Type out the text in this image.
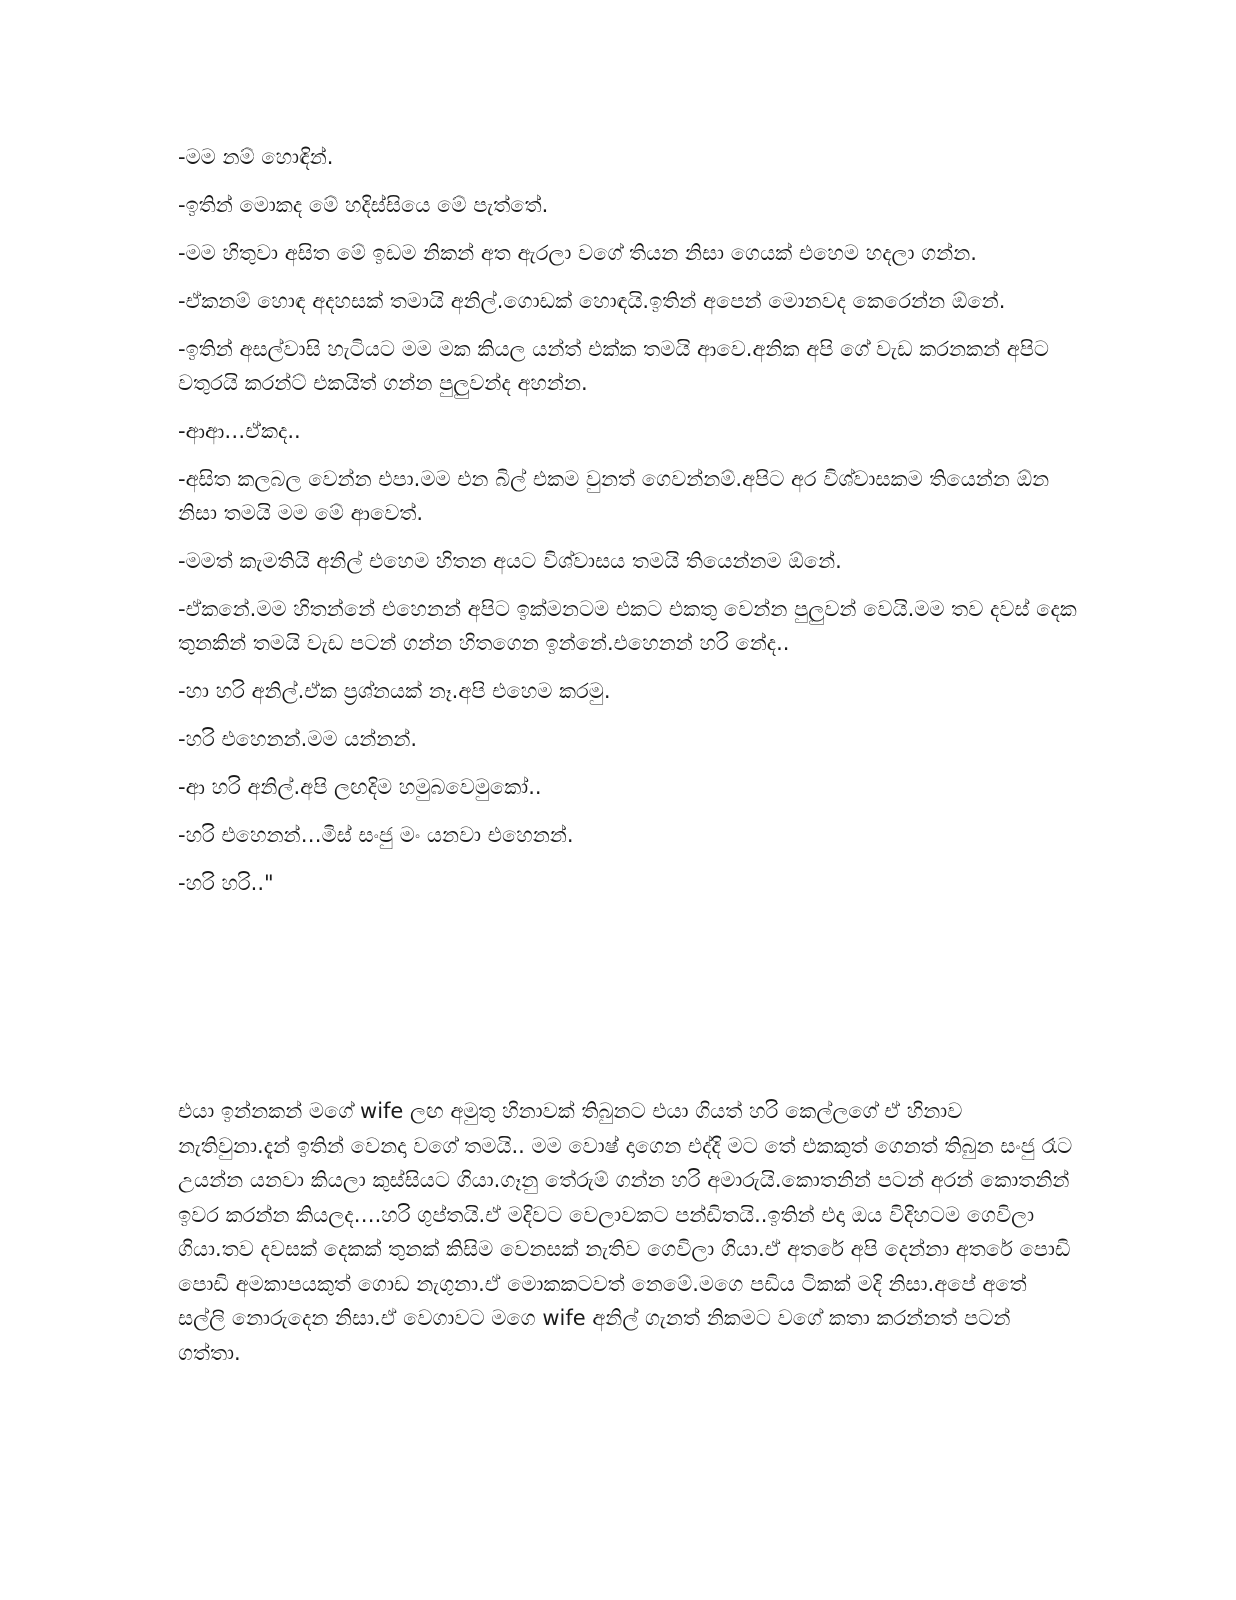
-මම නම් හොඳින්.

-ඉතින් මොකද මේ හදිස්සියෙ මේ පැත්තේ.

-මම හිතුවා අසිත මේ ඉඩම නිකන් අත ඇරලා වගේ තියන නිසා ගෙයක් එහෙම හදලා ගන්න.

-ඒකනම් හොඳ අදහසක් තමායි අනිල්.ගොඩක් හොඳයි.ඉතින් අපෙන් මොනවද කෙරෙන්න ඕනේ.

-ඉතින් අසල්වාසි හැටියට මම මක කියල යන්ත් එක්ක තමයි ආවෙ.අනික අපි ගේ වැඩ කරනකන් අපිට වතුරයි කරන්ට් එකයිත් ගන්න පුලුවන්ද අහන්න.

-ආආ…ඒකද..

-අසිත කලබල වෙන්න එපා.මම එන බිල් එකම වුනත් ගෙවන්නම්.අපිට අර විශ්වාසකම තියෙන්න ඕන නිසා තමයි මම මේ ආවෙත්.

-මමත් කැමතියි අනිල් එහෙම හිතන අයට විශ්වාසය තමයි තියෙන්නම ඕනේ.

-ඒකනේ.මම හිතන්නේ එහෙනන් අපිට ඉක්මනටම එකට එකතු වෙන්න පුලුවන් වෙයි.මම තව දවස් දෙක තුනකින් තමයි වැඩ පටන් ගන්න හිතගෙන ඉන්නේ.එහෙනන් හරි නේද..

-හා හරි අනිල්.ඒක ප්‍රශ්නයක් නෑ.අපි එහෙම කරමු.

-හරි එහෙනන්.මම යන්නන්.

-ආ හරි අනිල්.අපි ලඟදිම හමුබවෙමුකෝ..

-හරි එහෙනන්…මිස් සංජු මං යනවා එහෙනන්.

-හරි හරි.."

එයා ඉන්නකන් මගේ wife ලඟ අමුතු හිනාවක් තිබුනට එයා ගියත් හරි කෙල්ලගේ ඒ හිනාව නැතිවුනා.දැන් ඉතින් වෙනදා වගේ තමයි.. මම වොෂ් දාගෙන එද්දි මට තේ එකකුත් ගෙනත් තිබුන සංජු රෑට උයන්න යනවා කියලා කුස්සියට ගියා.ගෑනු තේරුම් ගන්න හරි අමාරුයි.කොතනින් පටන් අරන් කොතනින් ඉවර කරන්න කියලද….හරි ගුප්තයි.ඒ මදිවට වෙලාවකට පන්ඩිතයි..ඉතින් එදා ඔය විදිහටම ගෙවිලා ගියා.තව දවසක් දෙකක් තුනක් කිසිම වෙනසක් නැතිව ගෙවිලා ගියා.ඒ අතරේ අපි දෙන්නා අතරේ පොඩි පොඩි අමකාපයකුත් ගොඩ නැගුනා.ඒ මොකකටවත් නෙමේ.මගෙ පඩිය ටිකක් මදි නිසා.අපේ අතේ සල්ලි නොරුදෙන නිසා.ඒ වෙගාවට මගෙ wife අනිල් ගැනත් නිකමට වගේ කතා කරන්නත් පටන් ගත්තා.
